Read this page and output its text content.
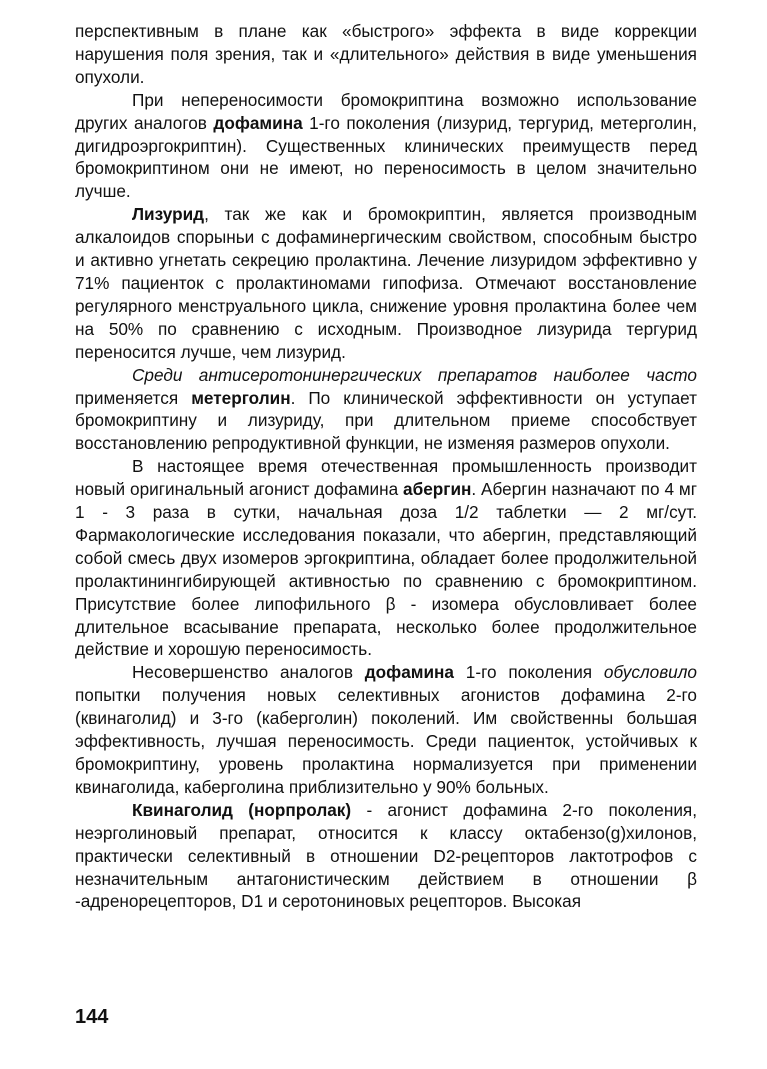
перспективным в плане как «быстрого» эффекта в виде коррекции нарушения поля зрения, так и «длительного» действия в виде уменьшения опухоли.

При непереносимости бромокриптина возможно использование других аналогов дофамина 1-го поколения (лизурид, тергурид, метерголин, дигидроэргокриптин). Существенных клинических преимуществ перед бромокриптином они не имеют, но переносимость в целом значительно лучше.

Лизурид, так же как и бромокриптин, является производным алкалоидов спорыньи с дофаминергическим свойством, способным быстро и активно угнетать секрецию пролактина. Лечение лизуридом эффективно у 71% пациенток с пролактиномами гипофиза. Отмечают восстановление регулярного менструального цикла, снижение уровня пролактина более чем на 50% по сравнению с исходным. Производное лизурида тергурид переносится лучше, чем лизурид.

Среди антисеротонинергических препаратов наиболее часто применяется метерголин. По клинической эффективности он уступает бромокриптину и лизуриду, при длительном приеме способствует восстановлению репродуктивной функции, не изменяя размеров опухоли.

В настоящее время отечественная промышленность производит новый оригинальный агонист дофамина абергин. Абергин назначают по 4 мг 1 - 3 раза в сутки, начальная доза 1/2 таблетки — 2 мг/сут. Фармакологические исследования показали, что абергин, представляющий собой смесь двух изомеров эргокриптина, обладает более продолжительной пролактинингибирующей активностью по сравнению с бромокриптином. Присутствие более липофильного β - изомера обусловливает более длительное всасывание препарата, несколько более продолжительное действие и хорошую переносимость.

Несовершенство аналогов дофамина 1-го поколения обусловило попытки получения новых селективных агонистов дофамина 2-го (квинаголид) и 3-го (каберголин) поколений. Им свойственны большая эффективность, лучшая переносимость. Среди пациенток, устойчивых к бромокриптину, уровень пролактина нормализуется при применении квинаголида, каберголина приблизительно у 90% больных.

Квинаголид (норпролак) - агонист дофамина 2-го поколения, неэрголиновый препарат, относится к классу октабензо(g)хилонов, практически селективный в отношении D2-рецепторов лактотрофов с незначительным антагонистическим действием в отношении β -адренорецепторов, D1 и серотониновых рецепторов. Высокая

144
